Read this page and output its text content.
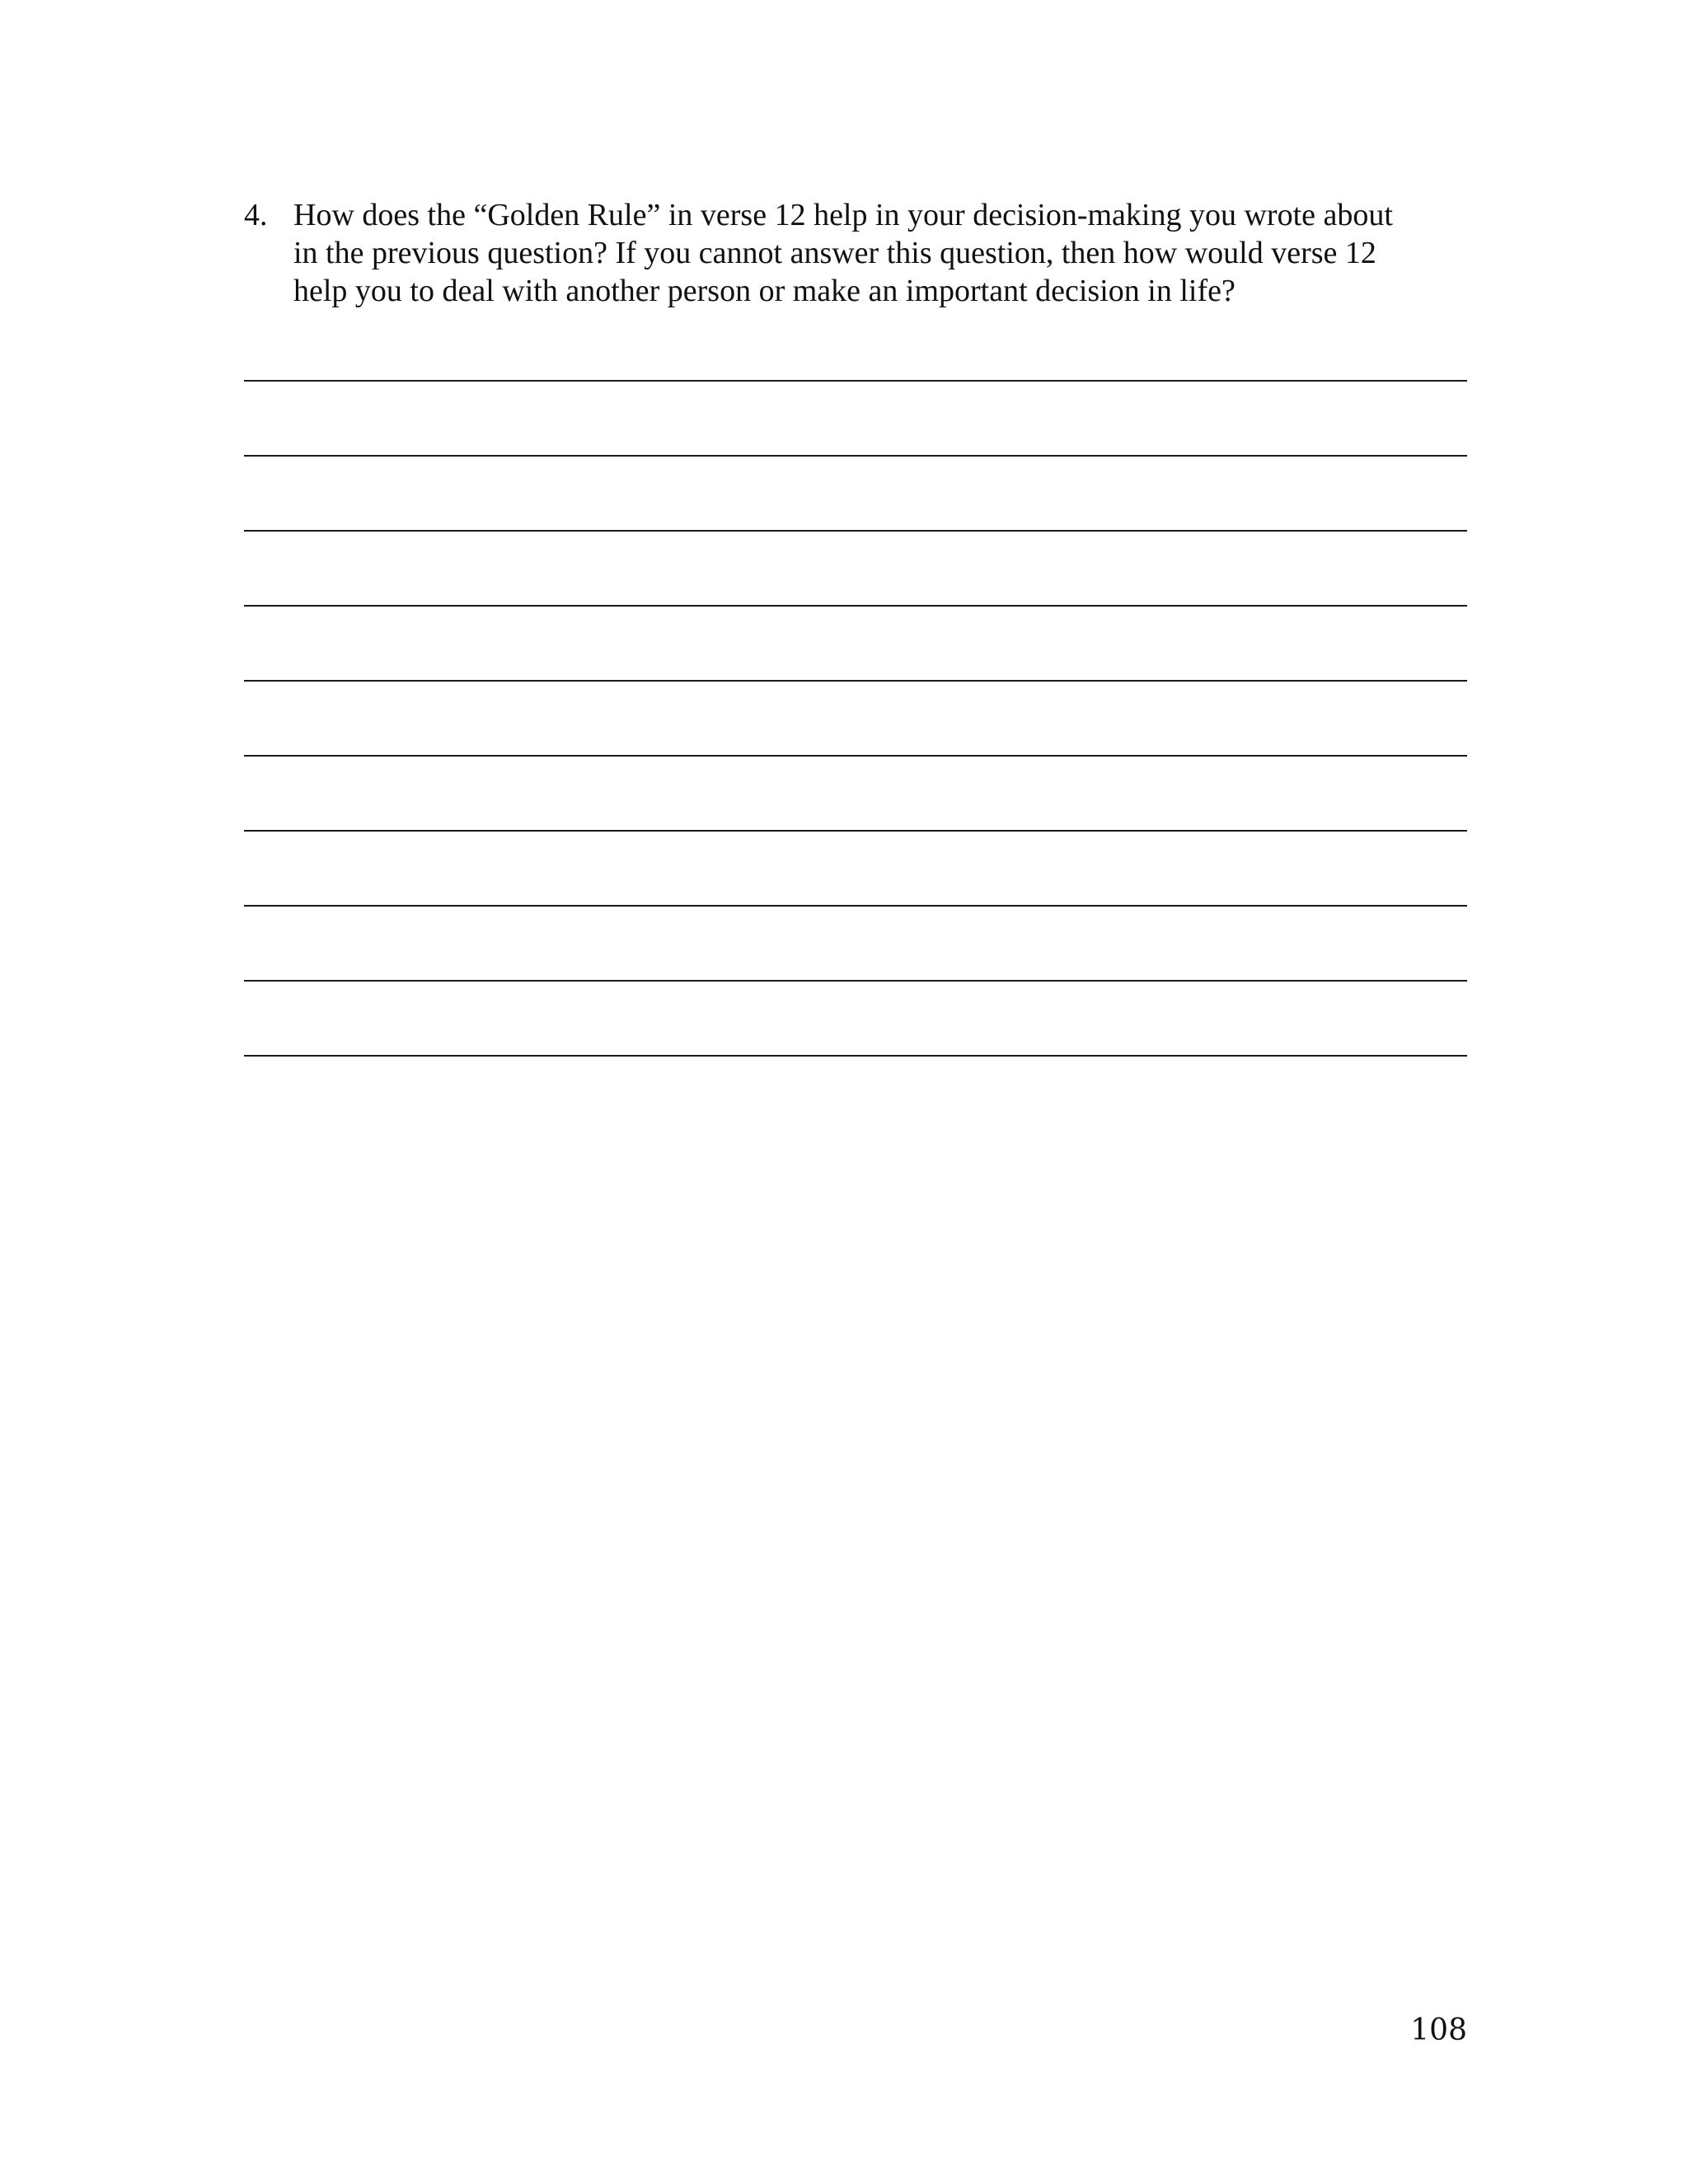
4. How does the “Golden Rule” in verse 12 help in your decision-making you wrote about
in the previous question? If you cannot answer this question, then how would verse 12
help you to deal with another person or make an important decision in life?
108
